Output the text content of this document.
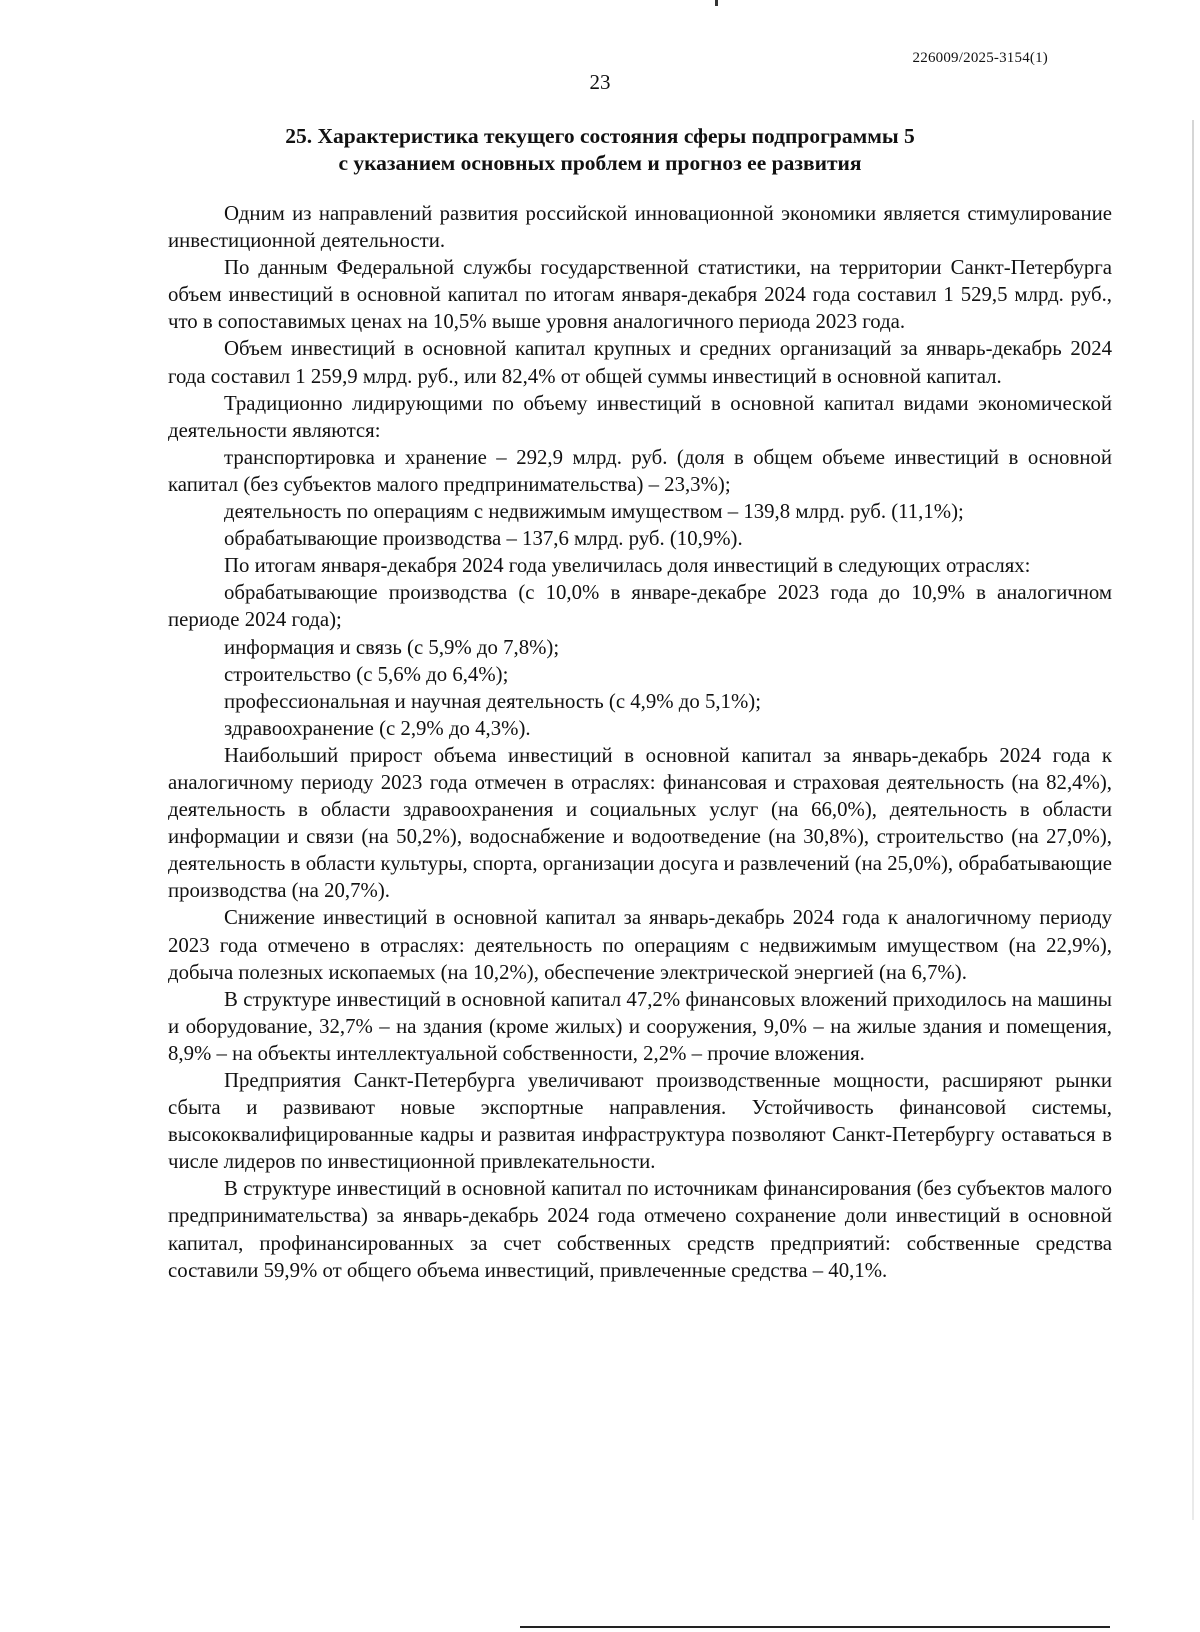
226009/2025-3154(1)
23
25. Характеристика текущего состояния сферы подпрограммы 5
с указанием основных проблем и прогноз ее развития

Одним из направлений развития российской инновационной экономики является стимулирование инвестиционной деятельности.

По данным Федеральной службы государственной статистики, на территории Санкт-Петербурга объем инвестиций в основной капитал по итогам января-декабря 2024 года составил 1 529,5 млрд. руб., что в сопоставимых ценах на 10,5% выше уровня аналогичного периода 2023 года.

Объем инвестиций в основной капитал крупных и средних организаций за январь-декабрь 2024 года составил 1 259,9 млрд. руб., или 82,4% от общей суммы инвестиций в основной капитал.

Традиционно лидирующими по объему инвестиций в основной капитал видами экономической деятельности являются:

транспортировка и хранение – 292,9 млрд. руб. (доля в общем объеме инвестиций в основной капитал (без субъектов малого предпринимательства) – 23,3%);

деятельность по операциям с недвижимым имуществом – 139,8 млрд. руб. (11,1%);

обрабатывающие производства – 137,6 млрд. руб. (10,9%).

По итогам января-декабря 2024 года увеличилась доля инвестиций в следующих отраслях:

обрабатывающие производства (с 10,0% в январе-декабре 2023 года до 10,9% в аналогичном периоде 2024 года);

информация и связь (с 5,9% до 7,8%);

строительство (с 5,6% до 6,4%);

профессиональная и научная деятельность (с 4,9% до 5,1%);

здравоохранение (с 2,9% до 4,3%).

Наибольший прирост объема инвестиций в основной капитал за январь-декабрь 2024 года к аналогичному периоду 2023 года отмечен в отраслях: финансовая и страховая деятельность (на 82,4%), деятельность в области здравоохранения и социальных услуг (на 66,0%), деятельность в области информации и связи (на 50,2%), водоснабжение и водоотведение (на 30,8%), строительство (на 27,0%), деятельность в области культуры, спорта, организации досуга и развлечений (на 25,0%), обрабатывающие производства (на 20,7%).

Снижение инвестиций в основной капитал за январь-декабрь 2024 года к аналогичному периоду 2023 года отмечено в отраслях: деятельность по операциям с недвижимым имуществом (на 22,9%), добыча полезных ископаемых (на 10,2%), обеспечение электрической энергией (на 6,7%).

В структуре инвестиций в основной капитал 47,2% финансовых вложений приходилось на машины и оборудование, 32,7% – на здания (кроме жилых) и сооружения, 9,0% – на жилые здания и помещения, 8,9% – на объекты интеллектуальной собственности, 2,2% – прочие вложения.

Предприятия Санкт-Петербурга увеличивают производственные мощности, расширяют рынки сбыта и развивают новые экспортные направления. Устойчивость финансовой системы, высококвалифицированные кадры и развитая инфраструктура позволяют Санкт-Петербургу оставаться в числе лидеров по инвестиционной привлекательности.

В структуре инвестиций в основной капитал по источникам финансирования (без субъектов малого предпринимательства) за январь-декабрь 2024 года отмечено сохранение доли инвестиций в основной капитал, профинансированных за счет собственных средств предприятий: собственные средства составили 59,9% от общего объема инвестиций, привлеченные средства – 40,1%.
